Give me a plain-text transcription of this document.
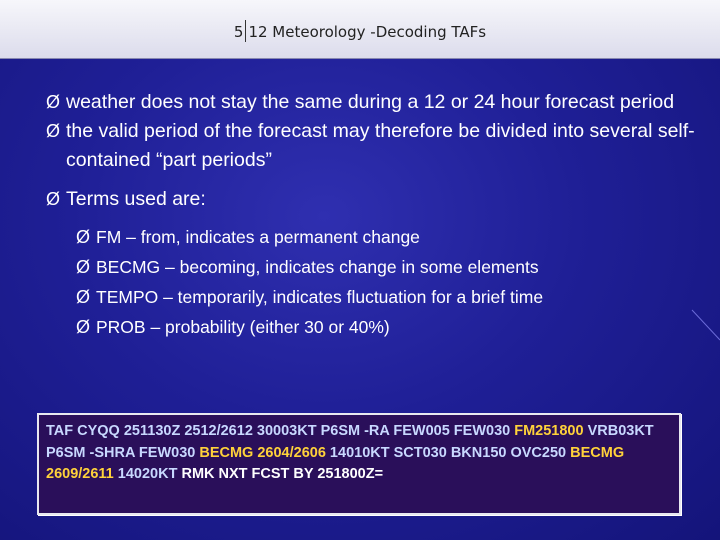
5 12 Meteorology -Decoding TAFs
Ø weather does not stay the same during a 12 or 24 hour forecast period
Ø the valid period of the forecast may therefore be divided into several self-contained “part periods”
Ø Terms used are:
Ø FM – from, indicates a permanent change
Ø BECMG – becoming, indicates change in some elements
Ø TEMPO – temporarily, indicates fluctuation for a brief time
Ø PROB – probability (either 30 or 40%)
TAF CYQQ 251130Z 2512/2612 30003KT P6SM -RA FEW005 FEW030 FM251800 VRB03KT P6SM -SHRA FEW030 BECMG 2604/2606 14010KT SCT030 BKN150 OVC250 BECMG 2609/2611 14020KT RMK NXT FCST BY 251800Z=
